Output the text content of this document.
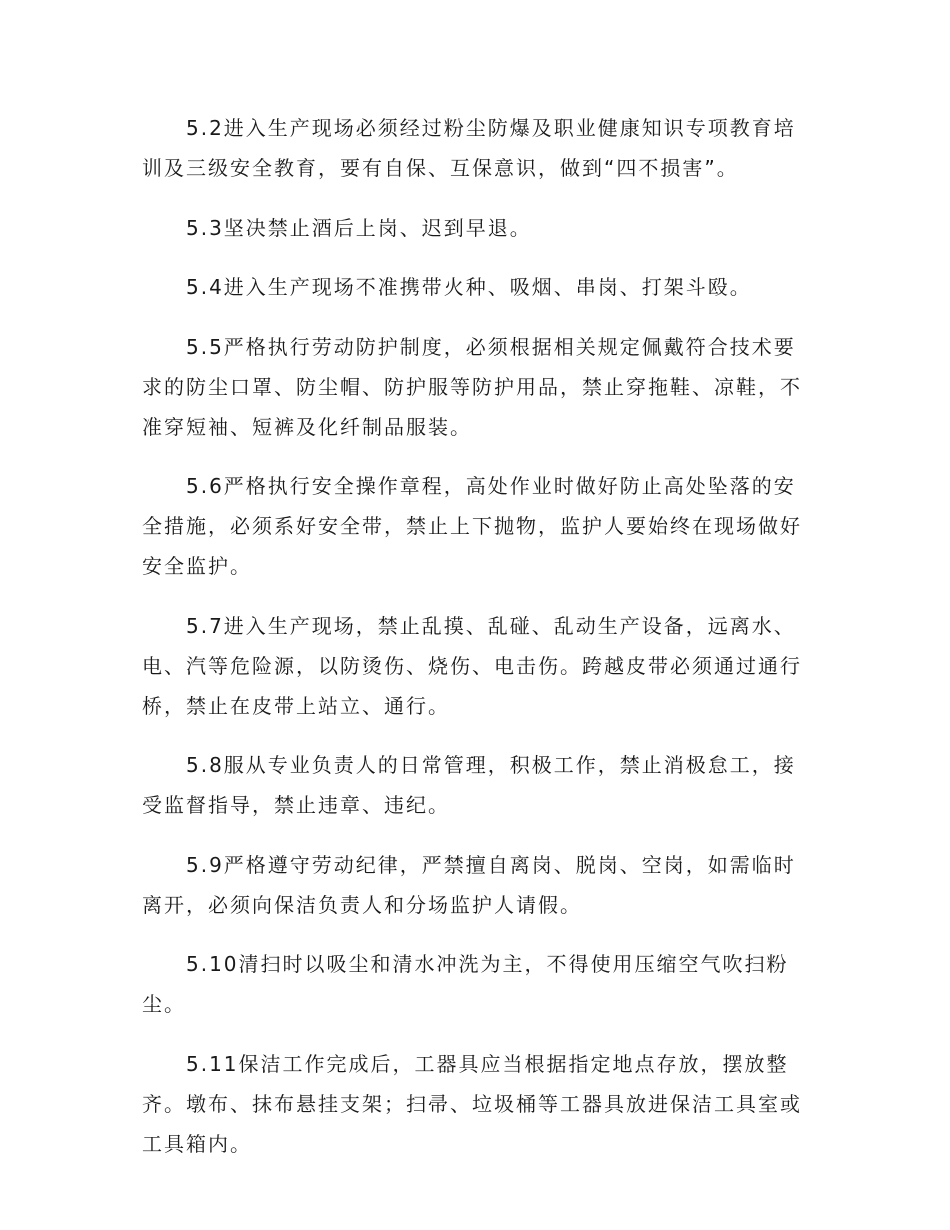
5.2进入生产现场必须经过粉尘防爆及职业健康知识专项教育培训及三级安全教育，要有自保、互保意识，做到“四不损害”。

5.3坚决禁止酒后上岗、迟到早退。

5.4进入生产现场不准携带火种、吸烟、串岗、打架斗殴。

5.5严格执行劳动防护制度，必须根据相关规定佩戴符合技术要求的防尘口罩、防尘帽、防护服等防护用品，禁止穿拖鞋、凉鞋，不准穿短袖、短裤及化纤制品服装。

5.6严格执行安全操作章程，高处作业时做好防止高处坠落的安全措施，必须系好安全带，禁止上下抛物，监护人要始终在现场做好安全监护。

5.7进入生产现场，禁止乱摸、乱碰、乱动生产设备，远离水、电、汽等危险源，以防烫伤、烧伤、电击伤。跨越皮带必须通过通行桥，禁止在皮带上站立、通行。

5.8服从专业负责人的日常管理，积极工作，禁止消极怠工，接受监督指导，禁止违章、违纪。

5.9严格遵守劳动纪律，严禁擅自离岗、脱岗、空岗，如需临时离开，必须向保洁负责人和分场监护人请假。

5.10清扫时以吸尘和清水冲洗为主，不得使用压缩空气吹扫粉尘。

5.11保洁工作完成后，工器具应当根据指定地点存放，摆放整齐。墩布、抹布悬挂支架；扫帚、垃圾桶等工器具放进保洁工具室或工具箱内。
